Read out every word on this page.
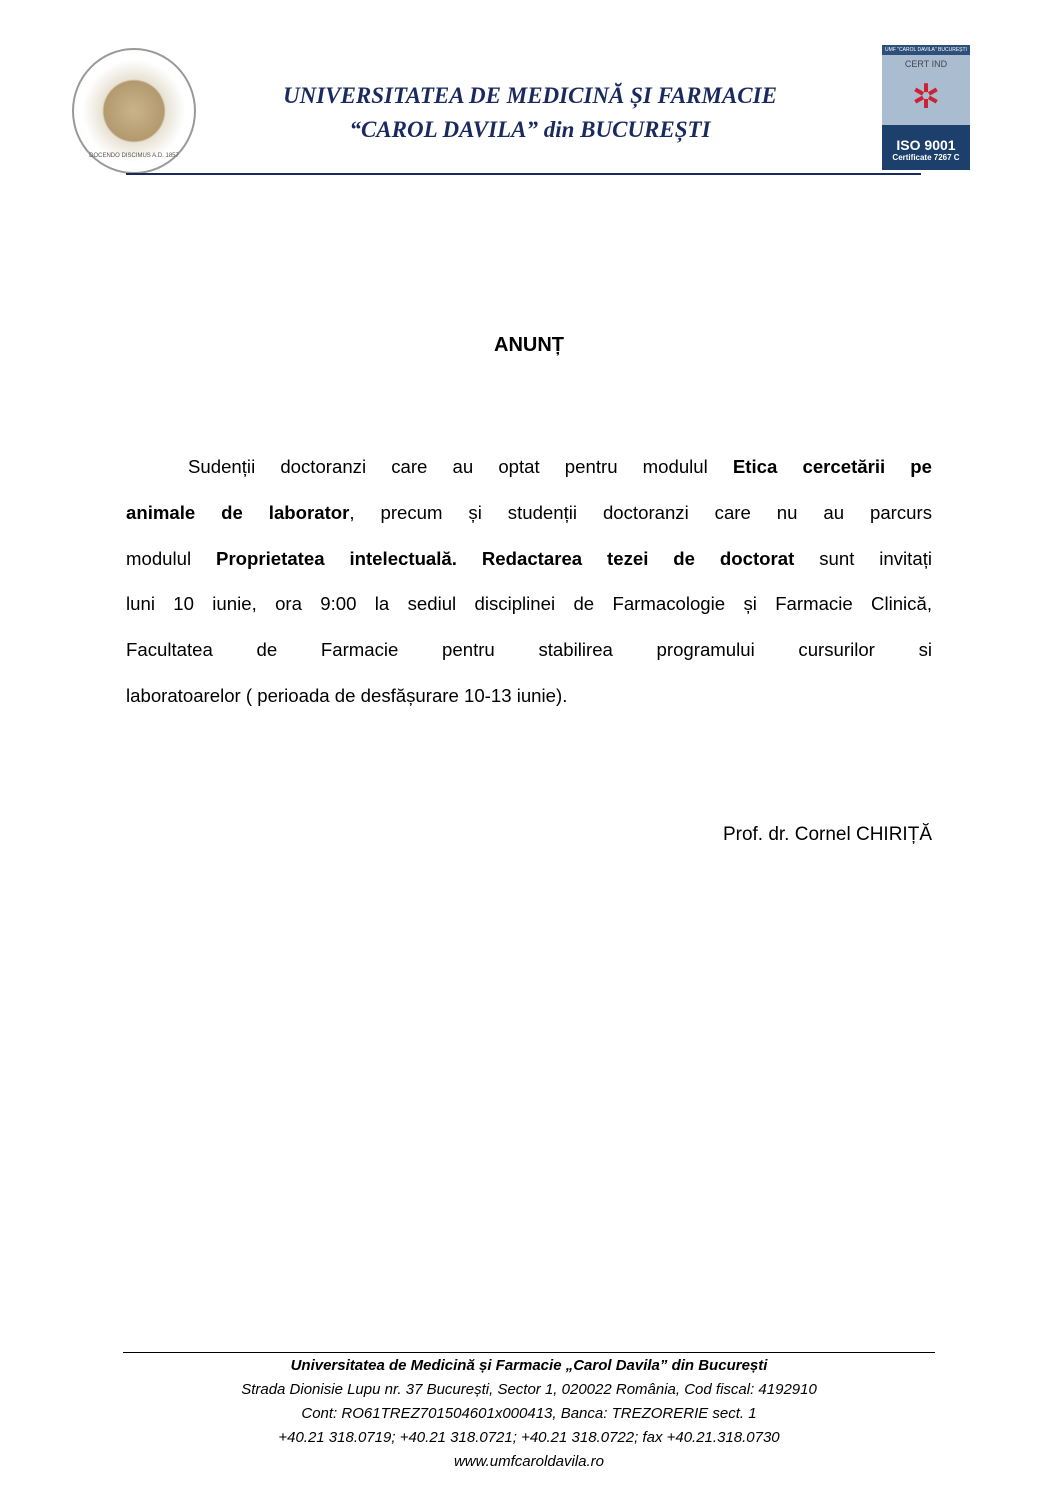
DOCENDO DISCIMUS A.D. 1857
UNIVERSITATEA DE MEDICINĂ ȘI FARMACIE
“CAROL DAVILA” din BUCUREȘTI
UMF "CAROL DAVILA" BUCUREȘTI
CERT IND
✲
ISO 9001
Certificate 7267 C
ANUNȚ
Sudenții doctoranzi care au optat pentru modulul Etica cercetării pe
animale de laborator, precum și studenții doctoranzi care nu au parcurs
modulul Proprietatea intelectuală. Redactarea tezei de doctorat sunt invitați
luni 10 iunie, ora 9:00 la sediul disciplinei de Farmacologie și Farmacie Clinică,
Facultatea de Farmacie pentru stabilirea programului cursurilor si
laboratoarelor ( perioada de desfășurare 10-13 iunie).
Prof. dr. Cornel CHIRIȚĂ
Universitatea de Medicină și Farmacie „Carol Davila” din București
Strada Dionisie Lupu nr. 37 București, Sector 1, 020022 România, Cod fiscal: 4192910
Cont: RO61TREZ701504601x000413, Banca: TREZORERIE sect. 1
+40.21 318.0719; +40.21 318.0721; +40.21 318.0722; fax +40.21.318.0730
www.umfcaroldavila.ro
